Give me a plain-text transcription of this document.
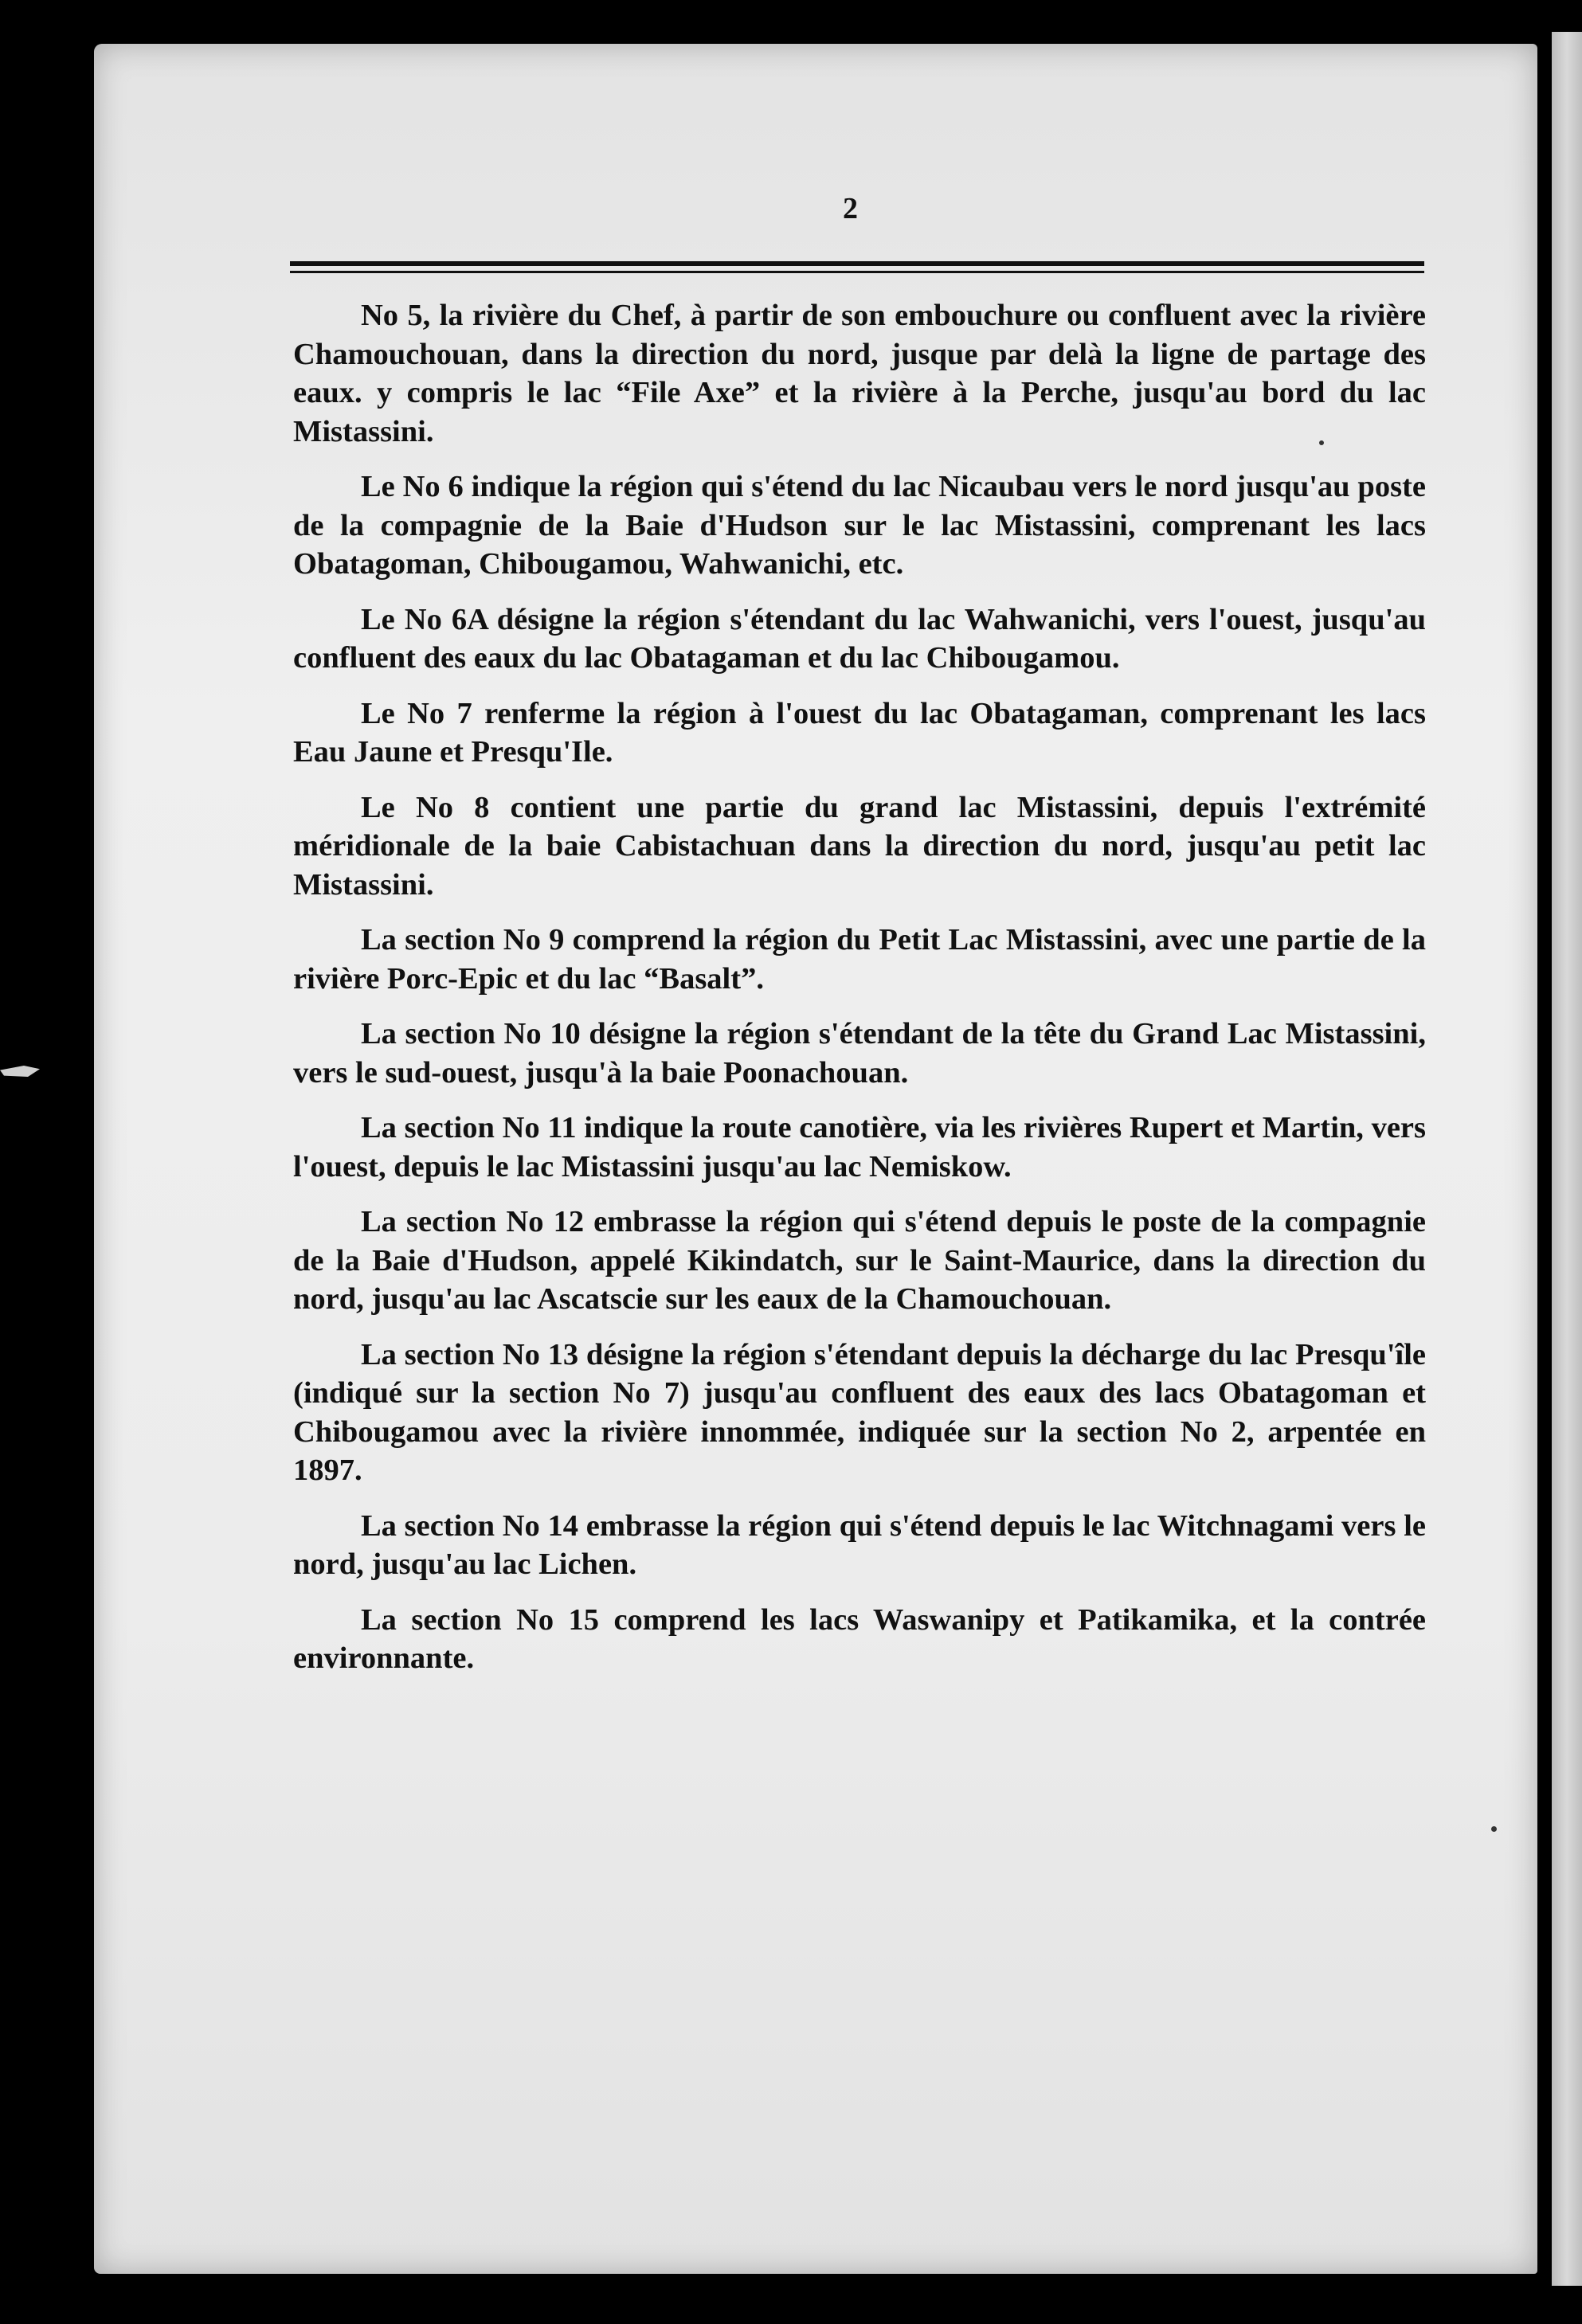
2

No 5, la rivière du Chef, à partir de son embouchure ou confluent avec la rivière Chamouchouan, dans la direction du nord, jusque par delà la ligne de partage des eaux. y compris le lac “File Axe” et la rivière à la Perche, jusqu'au bord du lac Mistassini.

Le No 6 indique la région qui s'étend du lac Nicaubau vers le nord jusqu'au poste de la compagnie de la Baie d'Hudson sur le lac Mistassini, comprenant les lacs Obatagoman, Chibougamou, Wahwanichi, etc.

Le No 6A désigne la région s'étendant du lac Wahwanichi, vers l'ouest, jusqu'au confluent des eaux du lac Obatagaman et du lac Chibougamou.

Le No 7 renferme la région à l'ouest du lac Obatagaman, comprenant les lacs Eau Jaune et Presqu'Ile.

Le No 8 contient une partie du grand lac Mistassini, depuis l'extrémité méridionale de la baie Cabistachuan dans la direction du nord, jusqu'au petit lac Mistassini.

La section No 9 comprend la région du Petit Lac Mistassini, avec une partie de la rivière Porc-Epic et du lac “Basalt”.

La section No 10 désigne la région s'étendant de la tête du Grand Lac Mistassini, vers le sud-ouest, jusqu'à la baie Poonachouan.

La section No 11 indique la route canotière, via les rivières Rupert et Martin, vers l'ouest, depuis le lac Mistassini jusqu'au lac Nemiskow.

La section No 12 embrasse la région qui s'étend depuis le poste de la compagnie de la Baie d'Hudson, appelé Kikindatch, sur le Saint-Maurice, dans la direction du nord, jusqu'au lac Ascatscie sur les eaux de la Chamouchouan.

La section No 13 désigne la région s'étendant depuis la décharge du lac Presqu'île (indiqué sur la section No 7) jusqu'au confluent des eaux des lacs Obatagoman et Chibougamou avec la rivière innommée, indiquée sur la section No 2, arpentée en 1897.

La section No 14 embrasse la région qui s'étend depuis le lac Witchnagami vers le nord, jusqu'au lac Lichen.

La section No 15 comprend les lacs Waswanipy et Patikamika, et la contrée environnante.
